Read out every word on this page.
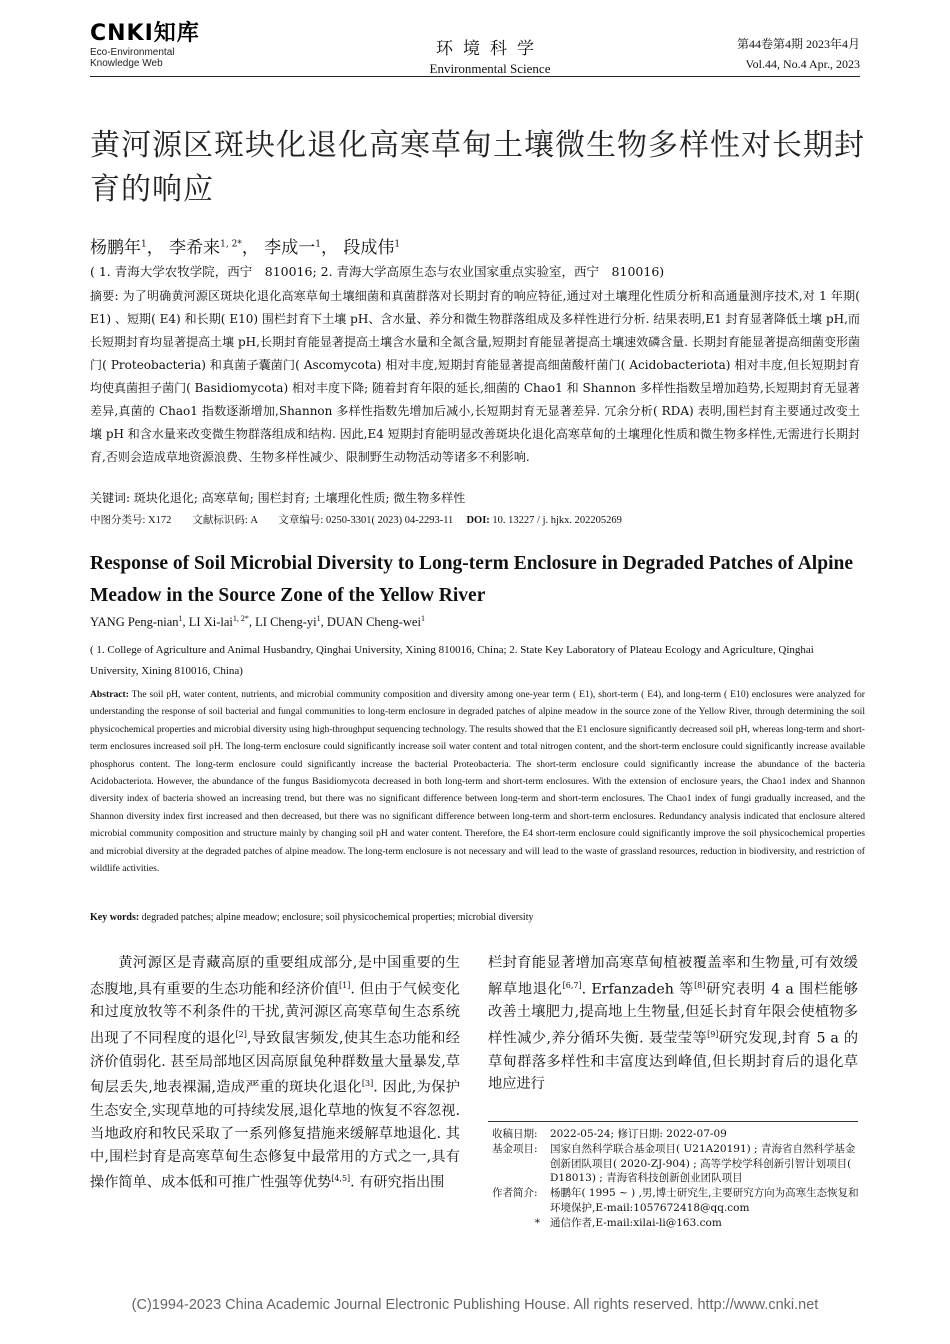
CNKI知库
Eco-Environmental
Knowledge Web
环境科学
Environmental Science
第44卷第4期 2023年4月
Vol.44, No.4 Apr., 2023
黄河源区斑块化退化高寒草甸土壤微生物多样性对长期封育的响应
杨鹏年$^1$， 李希来$^{1, 2*}$， 李成一$^1$， 段成伟$^1$
( 1. 青海大学农牧学院，西宁　810016; 2. 青海大学高原生态与农业国家重点实验室，西宁　810016)
摘要: 为了明确黄河源区斑块化退化高寒草甸土壤细菌和真菌群落对长期封育的响应特征,通过对土壤理化性质分析和高通量测序技术,对 1 年期( E1) 、短期( E4) 和长期( E10) 围栏封育下土壤 pH、含水量、养分和微生物群落组成及多样性进行分析. 结果表明,E1 封育显著降低土壤 pH,而长短期封育均显著提高土壤 pH,长期封育能显著提高土壤含水量和全氮含量,短期封育能显著提高土壤速效磷含量. 长期封育能显著提高细菌变形菌门( Proteobacteria) 和真菌子囊菌门( Ascomycota) 相对丰度,短期封育能显著提高细菌酸杆菌门( Acidobacteriota) 相对丰度,但长短期封育均使真菌担子菌门( Basidiomycota) 相对丰度下降; 随着封育年限的延长,细菌的 Chao1 和 Shannon 多样性指数呈增加趋势,长短期封育无显著差异,真菌的 Chao1 指数逐渐增加,Shannon 多样性指数先增加后减小,长短期封育无显著差异. 冗余分析( RDA) 表明,围栏封育主要通过改变土壤 pH 和含水量来改变微生物群落组成和结构. 因此,E4 短期封育能明显改善斑块化退化高寒草甸的土壤理化性质和微生物多样性,无需进行长期封育,否则会造成草地资源浪费、生物多样性减少、限制野生动物活动等诸多不利影响.
关键词: 斑块化退化; 高寒草甸; 围栏封育; 土壤理化性质; 微生物多样性
中图分类号: X172　　文献标识码: A　　文章编号: 0250-3301( 2023) 04-2293-11 　 DOI: 10. 13227 / j. hjkx. 202205269
Response of Soil Microbial Diversity to Long-term Enclosure in Degraded Patches of Alpine Meadow in the Source Zone of the Yellow River
YANG Peng-nian$^1$, LI Xi-lai$^{1, 2*}$, LI Cheng-$yi^1$, DUAN Cheng-wei$^1$
( 1. College of Agriculture and Animal Husbandry, Qinghai University, Xining 810016, China; 2. State Key Laboratory of Plateau Ecology and Agriculture, Qinghai University, Xining 810016, China)
Abstract: The soil pH, water content, nutrients, and microbial community composition and diversity among one-year term ( E1), short-term ( E4), and long-term ( E10) enclosures were analyzed for understanding the response of soil bacterial and fungal communities to long-term enclosure in degraded patches of alpine meadow in the source zone of the Yellow River, through determining the soil physicochemical properties and microbial diversity using high-throughput sequencing technology. The results showed that the E1 enclosure significantly decreased soil pH, whereas long-term and short-term enclosures increased soil pH. The long-term enclosure could significantly increase soil water content and total nitrogen content, and the short-term enclosure could significantly increase available phosphorus content. The long-term enclosure could significantly increase the bacterial Proteobacteria. The short-term enclosure could significantly increase the abundance of the bacteria Acidobacteriota. However, the abundance of the fungus Basidiomycota decreased in both long-term and short-term enclosures. With the extension of enclosure years, the Chao1 index and Shannon diversity index of bacteria showed an increasing trend, but there was no significant difference between long-term and short-term enclosures. The Chao1 index of fungi gradually increased, and the Shannon diversity index first increased and then decreased, but there was no significant difference between long-term and short-term enclosures. Redundancy analysis indicated that enclosure altered microbial community composition and structure mainly by changing soil pH and water content. Therefore, the E4 short-term enclosure could significantly improve the soil physicochemical properties and microbial diversity at the degraded patches of alpine meadow. The long-term enclosure is not necessary and will lead to the waste of grassland resources, reduction in biodiversity, and restriction of wildlife activities.
Key words: degraded patches; alpine meadow; enclosure; soil physicochemical properties; microbial diversity
黄河源区是青藏高原的重要组成部分,是中国重要的生态腹地,具有重要的生态功能和经济价值[1]. 但由于气候变化和过度放牧等不利条件的干扰,黄河源区高寒草甸生态系统出现了不同程度的退化[2],导致鼠害频发,使其生态功能和经济价值弱化. 甚至局部地区因高原鼠兔种群数量大量暴发,草甸层丢失,地表裸漏,造成严重的斑块化退化[3]. 因此,为保护生态安全,实现草地的可持续发展,退化草地的恢复不容忽视. 当地政府和牧民采取了一系列修复措施来缓解草地退化. 其中,围栏封育是高寒草甸生态修复中最常用的方式之一,具有操作简单、成本低和可推广性强等优势[4,5]. 有研究指出围
栏封育能显著增加高寒草甸植被覆盖率和生物量,可有效缓解草地退化[6,7]. Erfanzadeh 等[8]研究表明 4 a 围栏能够改善土壤肥力,提高地上生物量,但延长封育年限会使植物多样性减少,养分循环失衡. 聂莹莹等[9]研究发现,封育 5 a 的草甸群落多样性和丰富度达到峰值,但长期封育后的退化草地应进行
收稿日期:	2022-05-24; 修订日期: 2022-07-09
基金项目:	国家自然科学联合基金项目( U21A20191) ; 青海省自然科学基金创新团队项目( 2020-ZJ-904) ; 高等学校学科创新引智计划项目( D18013) ; 青海省科技创新创业团队项目
作者简介:	杨鹏年( 1995 ~ ) ,男,博士研究生,主要研究方向为高寒生态恢复和环境保护,E-mail:1057672418@qq.com
* 通信作者,E-mail:xilai-li@163.com
(C)1994-2023 China Academic Journal Electronic Publishing House. All rights reserved. http://www.cnki.net
